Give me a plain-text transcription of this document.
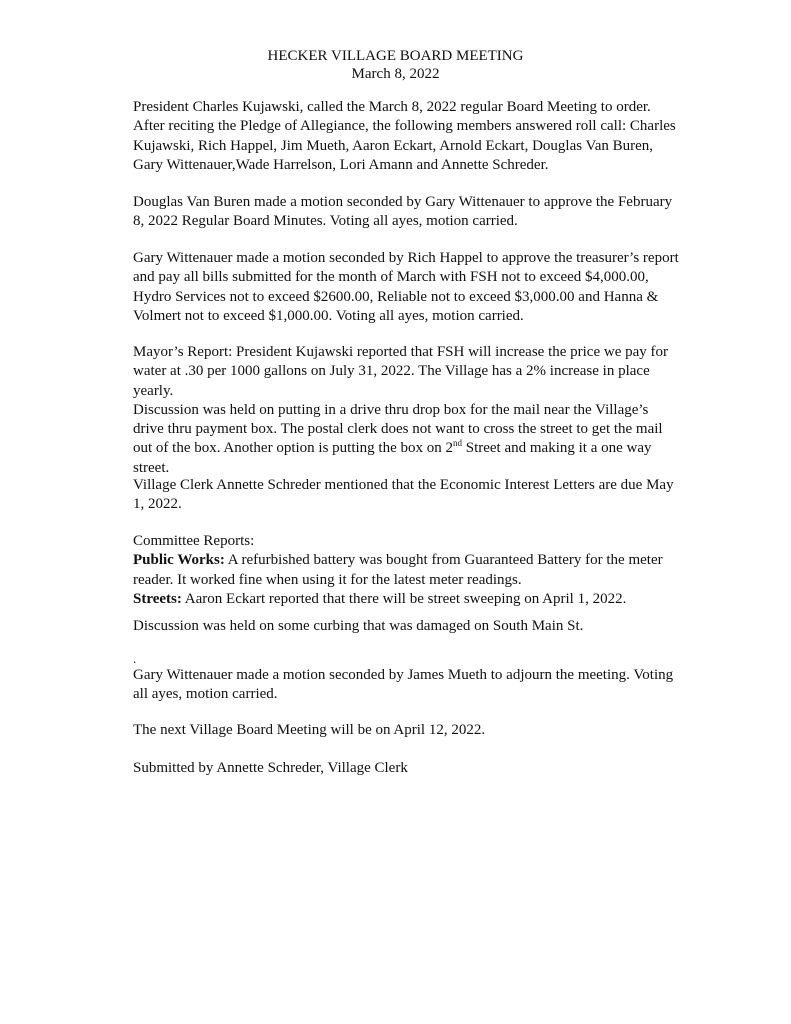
HECKER VILLAGE BOARD MEETING
March 8, 2022
President Charles Kujawski, called the March 8, 2022 regular Board Meeting to order.
After reciting the Pledge of Allegiance, the following members answered roll call: Charles
Kujawski, Rich Happel, Jim Mueth, Aaron Eckart, Arnold Eckart, Douglas Van Buren,
Gary Wittenauer,Wade Harrelson, Lori Amann and Annette Schreder.
Douglas Van Buren made a motion seconded by Gary Wittenauer to approve the February
8, 2022 Regular Board Minutes. Voting all ayes, motion carried.
Gary Wittenauer made a motion seconded by Rich Happel to approve the treasurer’s report
and pay all bills submitted for the month of March with FSH not to exceed $4,000.00,
Hydro Services not to exceed $2600.00, Reliable not to exceed $3,000.00 and Hanna &
Volmert not to exceed $1,000.00. Voting all ayes, motion carried.
Mayor’s Report: President Kujawski reported that FSH will increase the price we pay for
water at .30 per 1000 gallons on July 31, 2022. The Village has a 2% increase in place
yearly.
Discussion was held on putting in a drive thru drop box for the mail near the Village’s
drive thru payment box. The postal clerk does not want to cross the street to get the mail
out of the box. Another option is putting the box on 2nd Street and making it a one way
street.
Village Clerk Annette Schreder mentioned that the Economic Interest Letters are due May
1, 2022.
Committee Reports:
Public Works: A refurbished battery was bought from Guaranteed Battery for the meter
reader. It worked fine when using it for the latest meter readings.
Streets: Aaron Eckart reported that there will be street sweeping on April 1, 2022.
Discussion was held on some curbing that was damaged on South Main St.
.
Gary Wittenauer made a motion seconded by James Mueth to adjourn the meeting. Voting
all ayes, motion carried.
The next Village Board Meeting will be on April 12, 2022.
Submitted by Annette Schreder, Village Clerk
